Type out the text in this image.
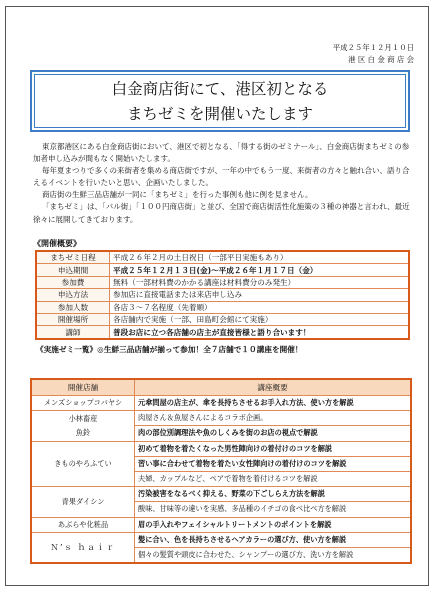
平成２５年１２月１０日
港 区 白 金 商 店 会
白金商店街にて、港区初となる
まちゼミを開催いたします

東京都港区にある白金商店街において、港区で初となる、「得する街のゼミナール」、白金商店街まちゼミの参加者申し込みが間もなく開始いたします。

毎年夏まつりで多くの来街者を集める商店街ですが、一年の中でもう一度、来街者の方々と触れ合い、語り合えるイベントを行いたいと思い、企画いたしました。

商店街の生鮮三品店舗が一同に「まちゼミ」を行った事例も他に例を見ません。

「まちゼミ」は、「バル街」「１００円商店街」と並び、全国で商店街活性化施策の３種の神器と言われ、最近徐々に展開してきております。

《開催概要》
まちゼミ日程	平成２６年２月の土日祝日（一部平日実施もあり）
申込期間	平成２５年１２月１３日(金)～平成２６年１月１７日（金）
参加費	無料（一部材料費のかかる講座は材料費分のみ発生）
申込方法	参加店に直接電話または来店申し込み
参加人数	各店３～７名程度（先着順）
開催場所	各店舗内で実施（一部、田島町会館にて実施）
講師	普段お店に立つ各店舗の店主が直接皆様と語り合います！
《実施ゼミ一覧》◎生鮮三品店舗が揃って参加！全７店舗で１０講座を開催！
開催店舗	講座概要
メンズショップコバヤシ	元傘問屋の店主が、傘を長持ちさせるお手入れ方法、使い方を解説
小林畜産	肉屋さん＆魚屋さんによるコラボ企画。
魚鈴	肉の部位別調理法や魚のしくみを街のお店の視点で解説
きものやろふてい	初めて着物を着たくなった男性陣向けの着付けのコツを解説
	習い事に合わせて着物を着たい女性陣向けの着付けのコツを解説
	夫婦、カップルなど、ペアで着物を着付けるコツを解説
青果ダイシン	汚染被害をなるべく抑える、野菜の下ごしらえ方法を解説
	酸味、甘味等の違いを実感、多品種のイチゴの食べ比べ方を解説
あぶらや化粧品	眉の手入れやフェイシャルトリートメントのポイントを解説
Ｎ’ｓ ｈａｉｒ	髪に合い、色を長持ちさせるヘアカラーの選び方、使い方を解説
	個々の髪質や頭皮に合わせた、シャンプーの選び方、洗い方を解説
